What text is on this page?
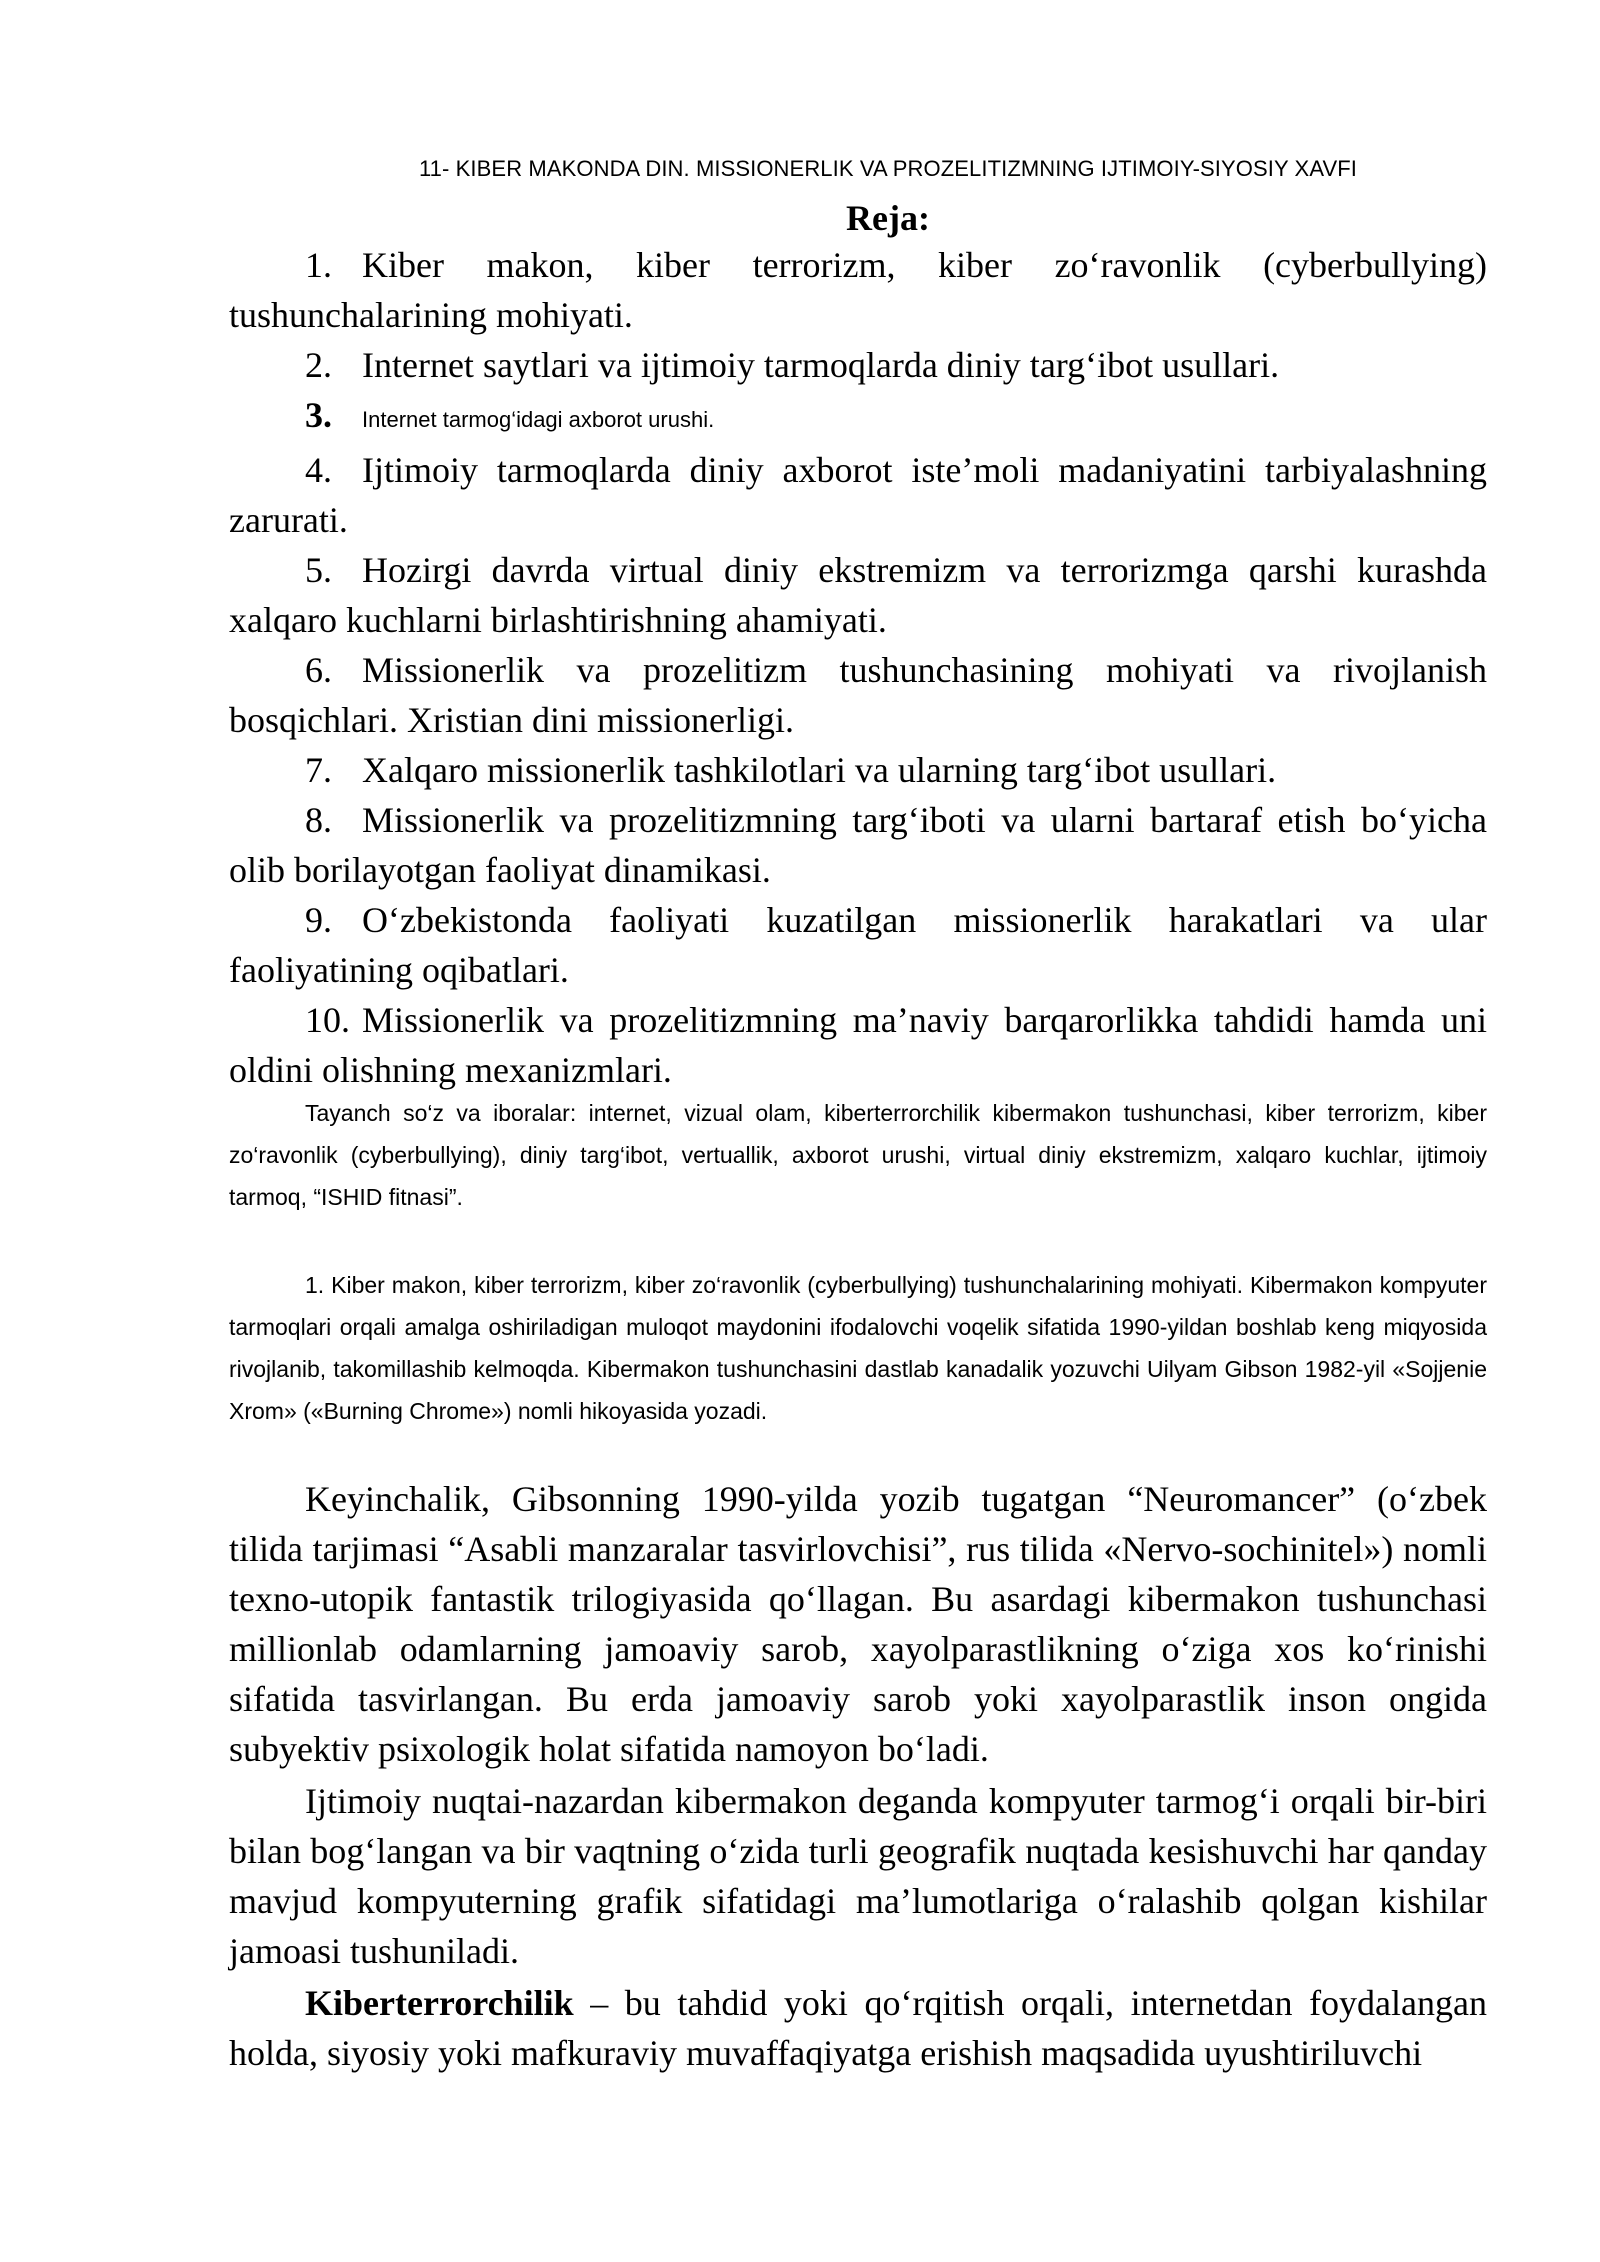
11- KIBER MAKONDA DIN. MISSIONERLIK VA PROZELITIZMNING IJTIMOIY-SIYOSIY XAVFI
Reja:

1. Kiber makon, kiber terrorizm, kiber zo‘ravonlik (cyberbullying) tushunchalarining mohiyati.

2. Internet saytlari va ijtimoiy tarmoqlarda diniy targ‘ibot usullari.

3. Internet tarmog‘idagi axborot urushi.

4. Ijtimoiy tarmoqlarda diniy axborot iste’moli madaniyatini tarbiyalashning zarurati.

5. Hozirgi davrda virtual diniy ekstremizm va terrorizmga qarshi kurashda xalqaro kuchlarni birlashtirishning ahamiyati.

6. Missionerlik va prozelitizm tushunchasining mohiyati va rivojlanish bosqichlari. Xristian dini missionerligi.

7. Xalqaro missionerlik tashkilotlari va ularning targ‘ibot usullari.

8. Missionerlik va prozelitizmning targ‘iboti va ularni bartaraf etish bo‘yicha olib borilayotgan faoliyat dinamikasi.

9. O‘zbekistonda faoliyati kuzatilgan missionerlik harakatlari va ular faoliyatining oqibatlari.

10. Missionerlik va prozelitizmning ma’naviy barqarorlikka tahdidi hamda uni oldini olishning mexanizmlari.

Tayanch so‘z va iboralar: internet, vizual olam, kiberterrorchilik kibermakon tushunchasi, kiber terrorizm, kiber zo‘ravonlik (cyberbullying), diniy targ‘ibot, vertuallik, axborot urushi, virtual diniy ekstremizm, xalqaro kuchlar, ijtimoiy tarmoq, “ISHID fitnasi”.

1. Kiber makon, kiber terrorizm, kiber zo‘ravonlik (cyberbullying) tushunchalarining mohiyati. Kibermakon kompyuter tarmoqlari orqali amalga oshiriladigan muloqot maydonini ifodalovchi voqelik sifatida 1990-yildan boshlab keng miqyosida rivojlanib, takomillashib kelmoqda. Kibermakon tushunchasini dastlab kanadalik yozuvchi Uilyam Gibson 1982-yil «Sojjenie Xrom» («Burning Chrome») nomli hikoyasida yozadi.

Keyinchalik, Gibsonning 1990-yilda yozib tugatgan “Neuromancer” (o‘zbek tilida tarjimasi “Asabli manzaralar tasvirlovchisi”, rus tilida «Nervo-sochinitel») nomli texno-utopik fantastik trilogiyasida qo‘llagan. Bu asardagi kibermakon tushunchasi millionlab odamlarning jamoaviy sarob, xayolparastlikning o‘ziga xos ko‘rinishi sifatida tasvirlangan. Bu erda jamoaviy sarob yoki xayolparastlik inson ongida subyektiv psixologik holat sifatida namoyon bo‘ladi.

Ijtimoiy nuqtai-nazardan kibermakon deganda kompyuter tarmog‘i orqali bir-biri bilan bog‘langan va bir vaqtning o‘zida turli geografik nuqtada kesishuvchi har qanday mavjud kompyuterning grafik sifatidagi ma’lumotlariga o‘ralashib qolgan kishilar jamoasi tushuniladi.

Kiberterrorchilik – bu tahdid yoki qo‘rqitish orqali, internetdan foydalangan holda, siyosiy yoki mafkuraviy muvaffaqiyatga erishish maqsadida uyushtiriluvchi
